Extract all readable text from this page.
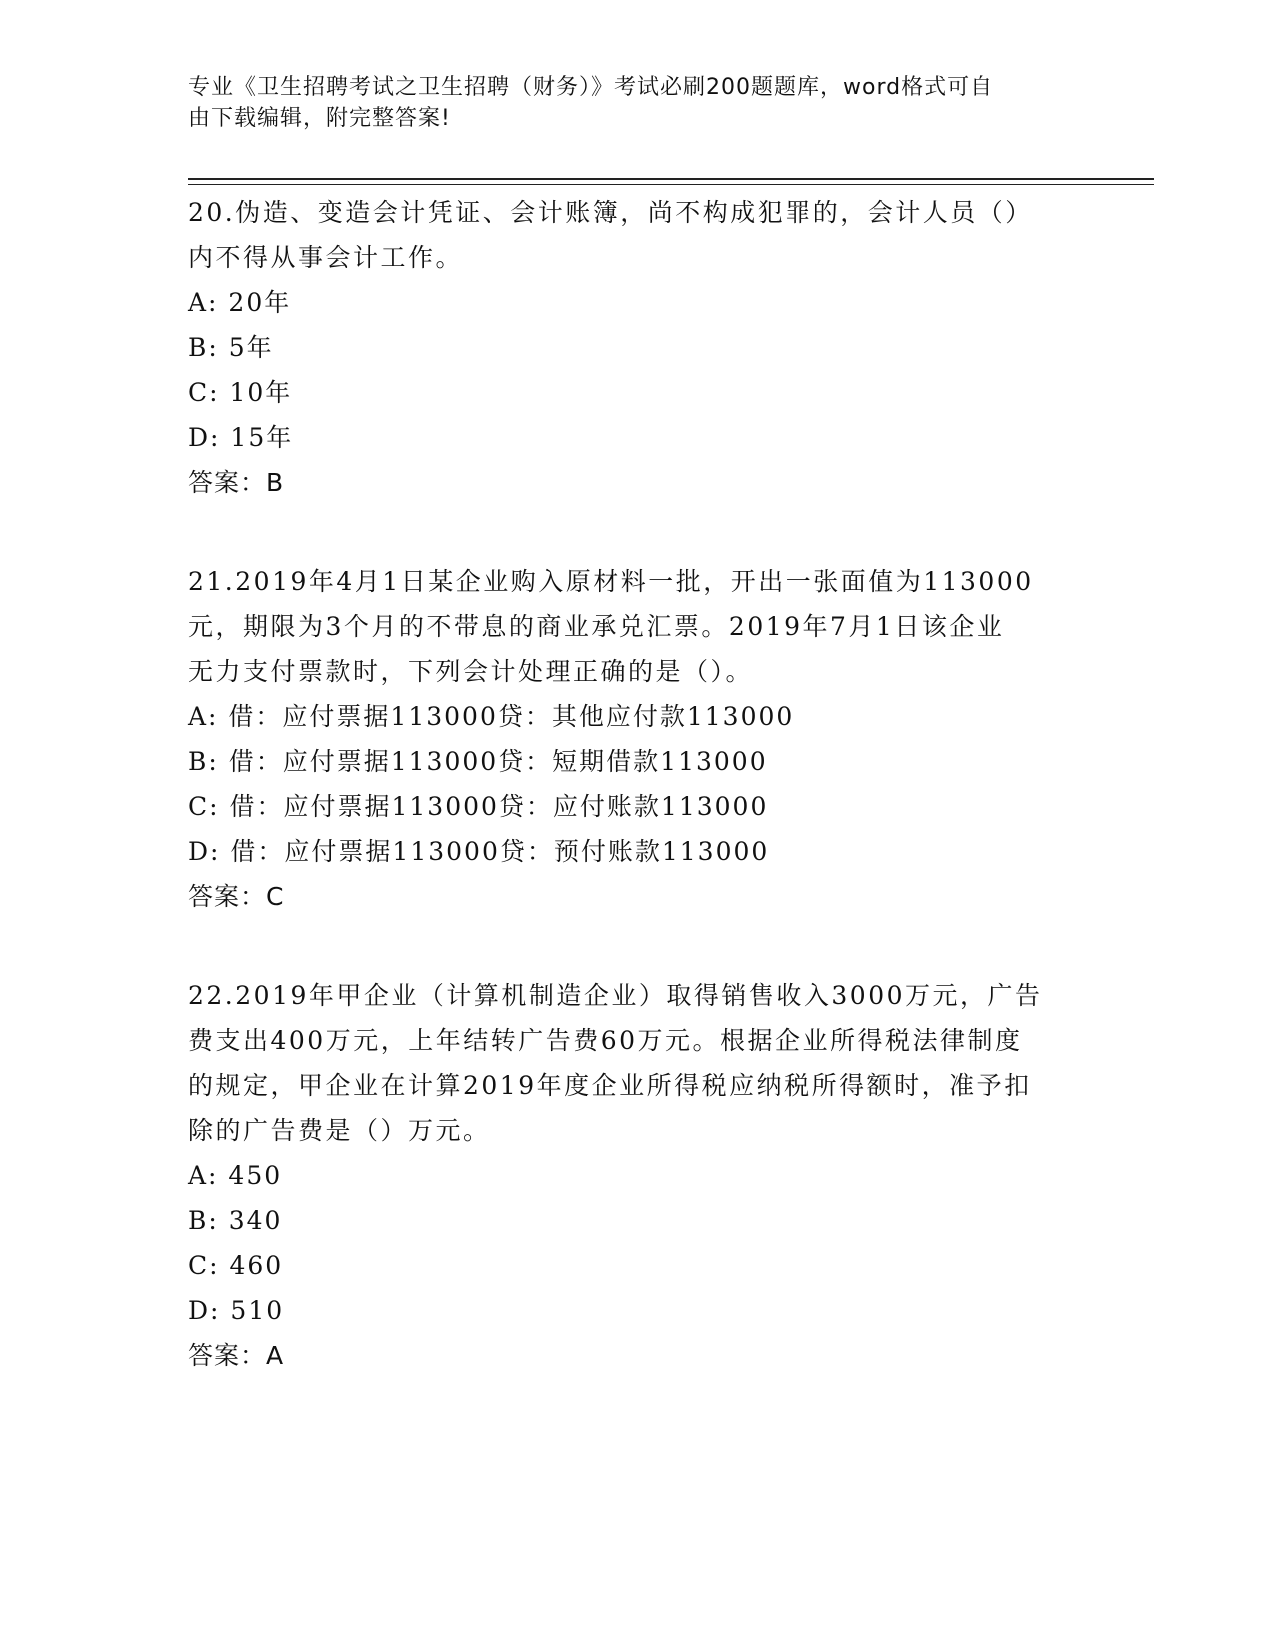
专业《卫生招聘考试之卫生招聘（财务）》考试必刷200题题库，word格式可自
由下载编辑，附完整答案!
20.伪造、变造会计凭证、会计账簿，尚不构成犯罪的，会计人员（）
内不得从事会计工作。
A: 20年
B: 5年
C: 10年
D: 15年
答案：B
21.2019年4月1日某企业购入原材料一批，开出一张面值为113000
元，期限为3个月的不带息的商业承兑汇票。2019年7月1日该企业
无力支付票款时，下列会计处理正确的是（）。
A: 借：应付票据113000贷：其他应付款113000
B: 借：应付票据113000贷：短期借款113000
C: 借：应付票据113000贷：应付账款113000
D: 借：应付票据113000贷：预付账款113000
答案：C
22.2019年甲企业（计算机制造企业）取得销售收入3000万元，广告
费支出400万元，上年结转广告费60万元。根据企业所得税法律制度
的规定，甲企业在计算2019年度企业所得税应纳税所得额时，准予扣
除的广告费是（）万元。
A: 450
B: 340
C: 460
D: 510
答案：A
